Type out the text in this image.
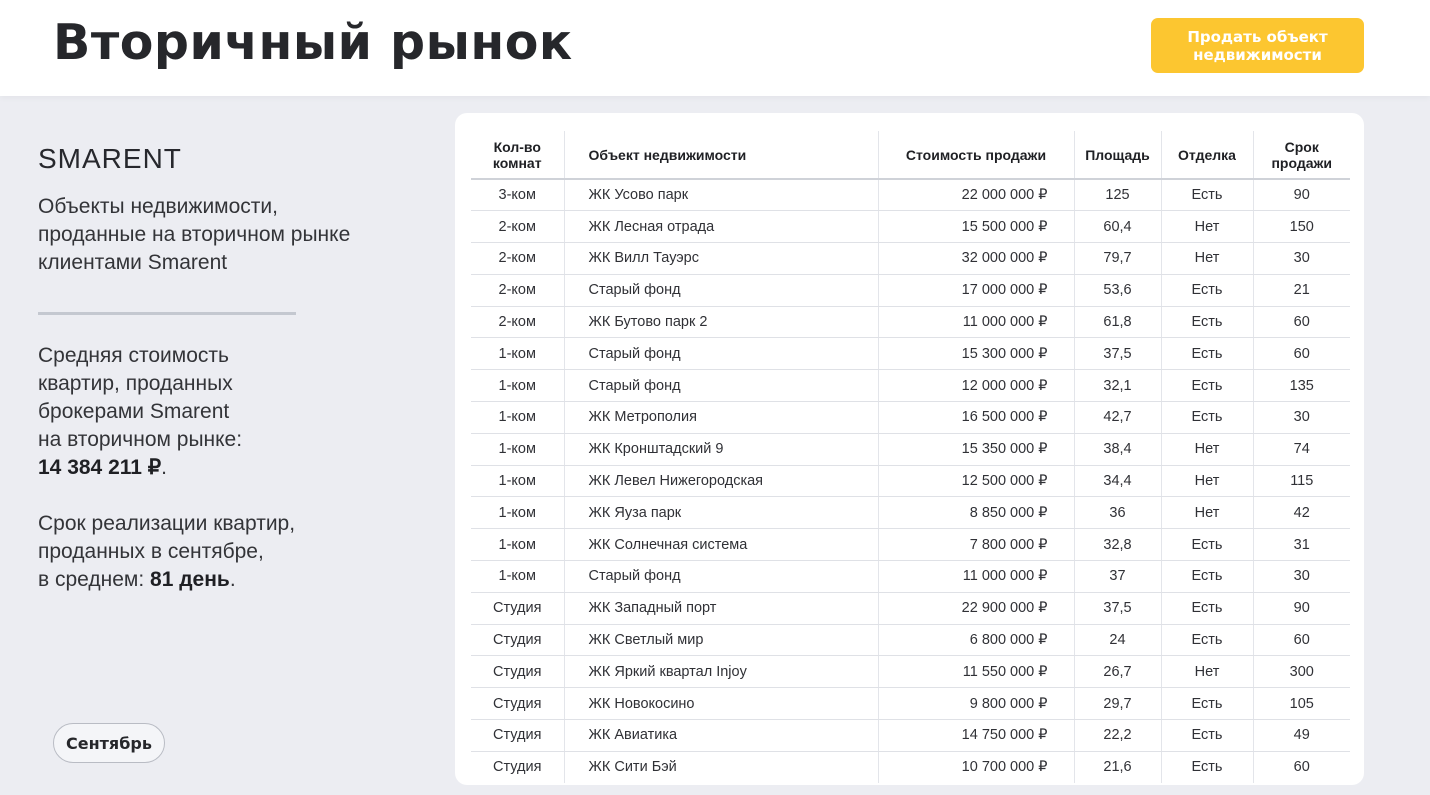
Вторичный рынок	Продать объект недвижимости
SMARENT
Объекты недвижимости, проданные на вторичном рынке клиентами Smarent
Средняя стоимость
квартир, проданных
брокерами Smarent
на вторичном рынке:
14 384 211 ₽.
Срок реализации квартир,
проданных в сентябре,
в среднем: 81 день.
Сентябрь
Кол-во комнат	Объект недвижимости	Стоимость продажи	Площадь	Отделка	Срок продажи
3-ком	ЖК Усово парк	22 000 000 ₽	125	Есть	90
2-ком	ЖК Лесная отрада	15 500 000 ₽	60,4	Нет	150
2-ком	ЖК Вилл Тауэрс	32 000 000 ₽	79,7	Нет	30
2-ком	Старый фонд	17 000 000 ₽	53,6	Есть	21
2-ком	ЖК Бутово парк 2	11 000 000 ₽	61,8	Есть	60
1-ком	Старый фонд	15 300 000 ₽	37,5	Есть	60
1-ком	Старый фонд	12 000 000 ₽	32,1	Есть	135
1-ком	ЖК Метрополия	16 500 000 ₽	42,7	Есть	30
1-ком	ЖК Кронштадский 9	15 350 000 ₽	38,4	Нет	74
1-ком	ЖК Левел Нижегородская	12 500 000 ₽	34,4	Нет	115
1-ком	ЖК Яуза парк	8 850 000 ₽	36	Нет	42
1-ком	ЖК Солнечная система	7 800 000 ₽	32,8	Есть	31
1-ком	Старый фонд	11 000 000 ₽	37	Есть	30
Студия	ЖК Западный порт	22 900 000 ₽	37,5	Есть	90
Студия	ЖК Светлый мир	6 800 000 ₽	24	Есть	60
Студия	ЖК Яркий квартал Injoy	11 550 000 ₽	26,7	Нет	300
Студия	ЖК Новокосино	9 800 000 ₽	29,7	Есть	105
Студия	ЖК Авиатика	14 750 000 ₽	22,2	Есть	49
Студия	ЖК Сити Бэй	10 700 000 ₽	21,6	Есть	60
